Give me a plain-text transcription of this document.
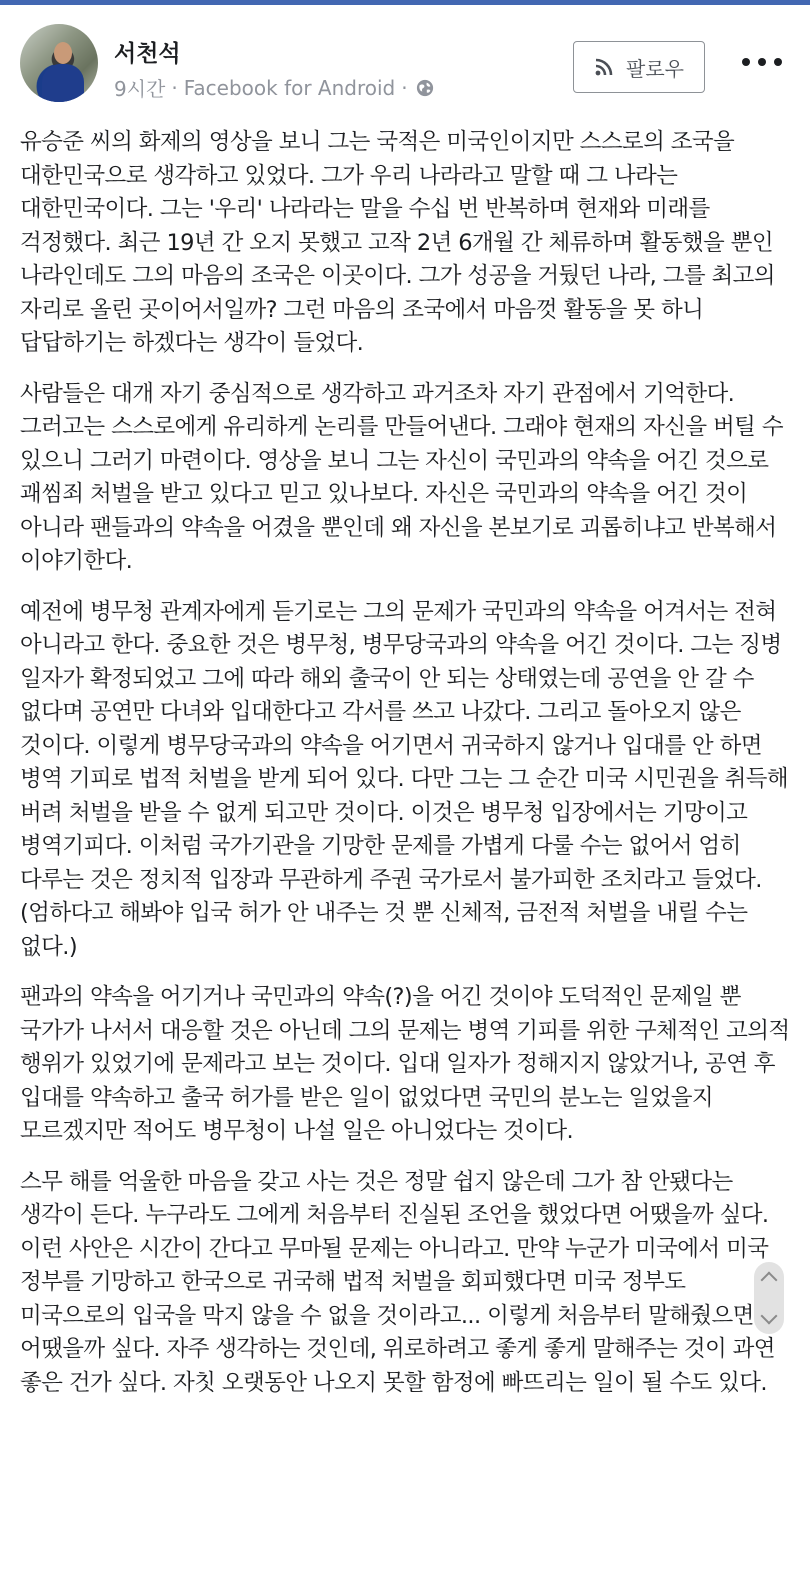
서천석
9시간 · Facebook for Android ·
팔로우

유승준 씨의 화제의 영상을 보니 그는 국적은 미국인이지만 스스로의 조국을 대한민국으로 생각하고 있었다. 그가 우리 나라라고 말할 때 그 나라는 대한민국이다. 그는 '우리' 나라라는 말을 수십 번 반복하며 현재와 미래를 걱정했다. 최근 19년 간 오지 못했고 고작 2년 6개월 간 체류하며 활동했을 뿐인 나라인데도 그의 마음의 조국은 이곳이다. 그가 성공을 거뒀던 나라, 그를 최고의 자리로 올린 곳이어서일까? 그런 마음의 조국에서 마음껏 활동을 못 하니 답답하기는 하겠다는 생각이 들었다.

사람들은 대개 자기 중심적으로 생각하고 과거조차 자기 관점에서 기억한다. 그러고는 스스로에게 유리하게 논리를 만들어낸다. 그래야 현재의 자신을 버틸 수 있으니 그러기 마련이다. 영상을 보니 그는 자신이 국민과의 약속을 어긴 것으로 괘씸죄 처벌을 받고 있다고 믿고 있나보다. 자신은 국민과의 약속을 어긴 것이 아니라 팬들과의 약속을 어겼을 뿐인데 왜 자신을 본보기로 괴롭히냐고 반복해서 이야기한다.

예전에 병무청 관계자에게 듣기로는 그의 문제가 국민과의 약속을 어겨서는 전혀 아니라고 한다. 중요한 것은 병무청, 병무당국과의 약속을 어긴 것이다. 그는 징병 일자가 확정되었고 그에 따라 해외 출국이 안 되는 상태였는데 공연을 안 갈 수 없다며 공연만 다녀와 입대한다고 각서를 쓰고 나갔다. 그리고 돌아오지 않은 것이다. 이렇게 병무당국과의 약속을 어기면서 귀국하지 않거나 입대를 안 하면 병역 기피로 법적 처벌을 받게 되어 있다. 다만 그는 그 순간 미국 시민권을 취득해 버려 처벌을 받을 수 없게 되고만 것이다. 이것은 병무청 입장에서는 기망이고 병역기피다. 이처럼 국가기관을 기망한 문제를 가볍게 다룰 수는 없어서 엄히 다루는 것은 정치적 입장과 무관하게 주권 국가로서 불가피한 조치라고 들었다. (엄하다고 해봐야 입국 허가 안 내주는 것 뿐 신체적, 금전적 처벌을 내릴 수는 없다.)

팬과의 약속을 어기거나 국민과의 약속(?)을 어긴 것이야 도덕적인 문제일 뿐 국가가 나서서 대응할 것은 아닌데 그의 문제는 병역 기피를 위한 구체적인 고의적 행위가 있었기에 문제라고 보는 것이다. 입대 일자가 정해지지 않았거나, 공연 후 입대를 약속하고 출국 허가를 받은 일이 없었다면 국민의 분노는 일었을지 모르겠지만 적어도 병무청이 나설 일은 아니었다는 것이다.

스무 해를 억울한 마음을 갖고 사는 것은 정말 쉽지 않은데 그가 참 안됐다는 생각이 든다. 누구라도 그에게 처음부터 진실된 조언을 했었다면 어땠을까 싶다. 이런 사안은 시간이 간다고 무마될 문제는 아니라고. 만약 누군가 미국에서 미국 정부를 기망하고 한국으로 귀국해 법적 처벌을 회피했다면 미국 정부도 미국으로의 입국을 막지 않을 수 없을 것이라고... 이렇게 처음부터 말해줬으면 어땠을까 싶다. 자주 생각하는 것인데, 위로하려고 좋게 좋게 말해주는 것이 과연 좋은 건가 싶다. 자칫 오랫동안 나오지 못할 함정에 빠뜨리는 일이 될 수도 있다.
